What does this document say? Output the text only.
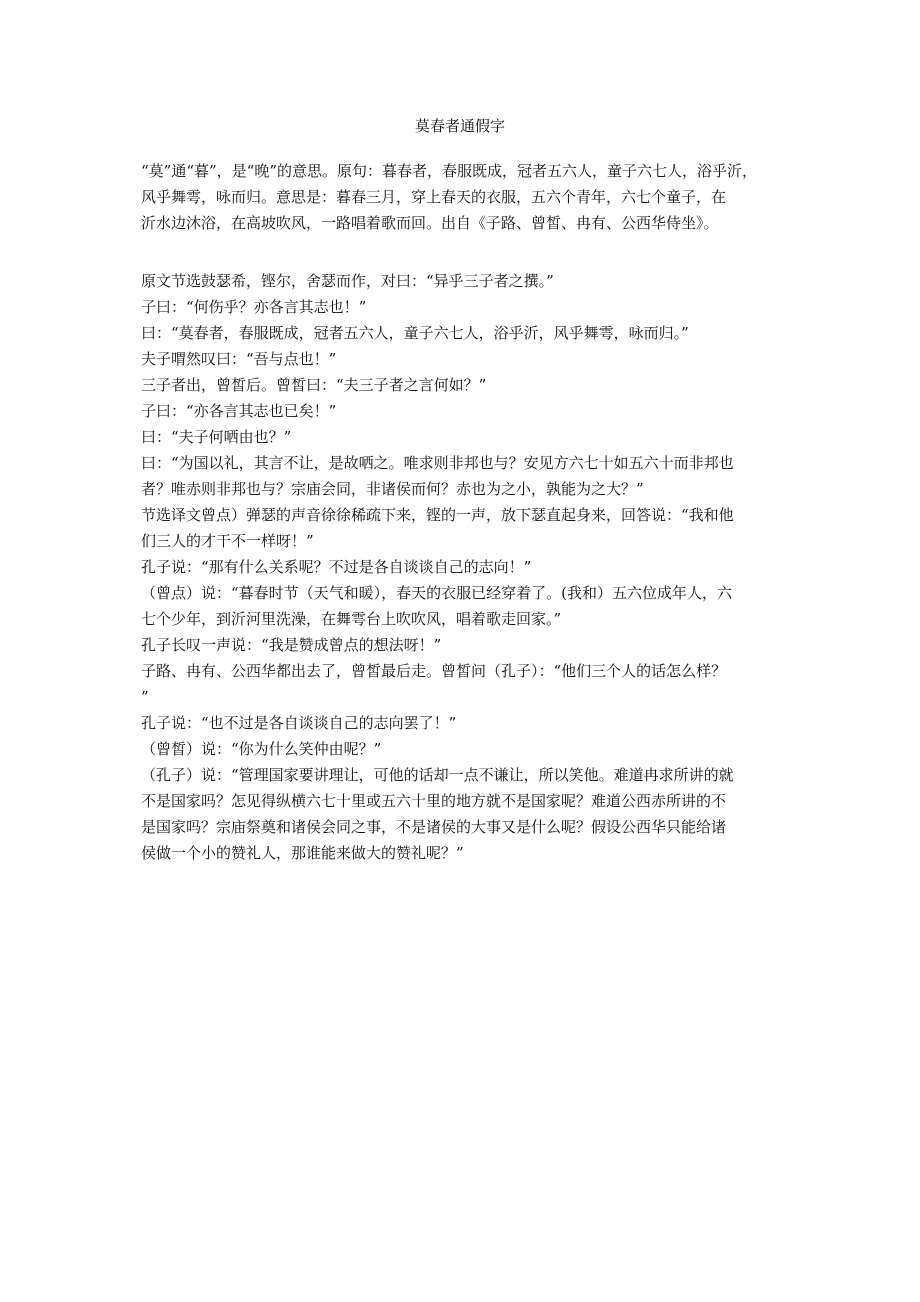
莫春者通假字

“莫”通“暮”，是“晚”的意思。原句：暮春者，春服既成，冠者五六人，童子六七人，浴乎沂，

风乎舞雩，咏而归。意思是：暮春三月，穿上春天的衣服，五六个青年，六七个童子，在

沂水边沐浴，在高坡吹风，一路唱着歌而回。出自《子路、曾皙、冉有、公西华侍坐》。

原文节选鼓瑟希，铿尔，舍瑟而作，对曰：“异乎三子者之撰。”

子曰：“何伤乎？亦各言其志也！”

曰：“莫春者，春服既成，冠者五六人，童子六七人，浴乎沂，风乎舞雩，咏而归。”

夫子喟然叹曰：“吾与点也！”

三子者出，曾皙后。曾皙曰：“夫三子者之言何如？”

子曰：“亦各言其志也已矣！”

曰：“夫子何哂由也？”

曰：“为国以礼，其言不让，是故哂之。唯求则非邦也与？安见方六七十如五六十而非邦也

者？唯赤则非邦也与？宗庙会同，非诸侯而何？赤也为之小，孰能为之大？”

节选译文曾点）弹瑟的声音徐徐稀疏下来，铿的一声，放下瑟直起身来，回答说：“我和他

们三人的才干不一样呀！”

孔子说：“那有什么关系呢？不过是各自谈谈自己的志向！”

（曾点）说：“暮春时节（天气和暖），春天的衣服已经穿着了。(我和）五六位成年人，六

七个少年，到沂河里洗澡，在舞雩台上吹吹风，唱着歌走回家。”

孔子长叹一声说：“我是赞成曾点的想法呀！”

子路、冉有、公西华都出去了，曾皙最后走。曾皙问（孔子）：“他们三个人的话怎么样？

”

孔子说：“也不过是各自谈谈自己的志向罢了！”

（曾皙）说：“你为什么笑仲由呢？”

（孔子）说：“管理国家要讲理让，可他的话却一点不谦让，所以笑他。难道冉求所讲的就

不是国家吗？怎见得纵横六七十里或五六十里的地方就不是国家呢？难道公西赤所讲的不

是国家吗？宗庙祭奠和诸侯会同之事，不是诸侯的大事又是什么呢？假设公西华只能给诸

侯做一个小的赞礼人，那谁能来做大的赞礼呢？”
